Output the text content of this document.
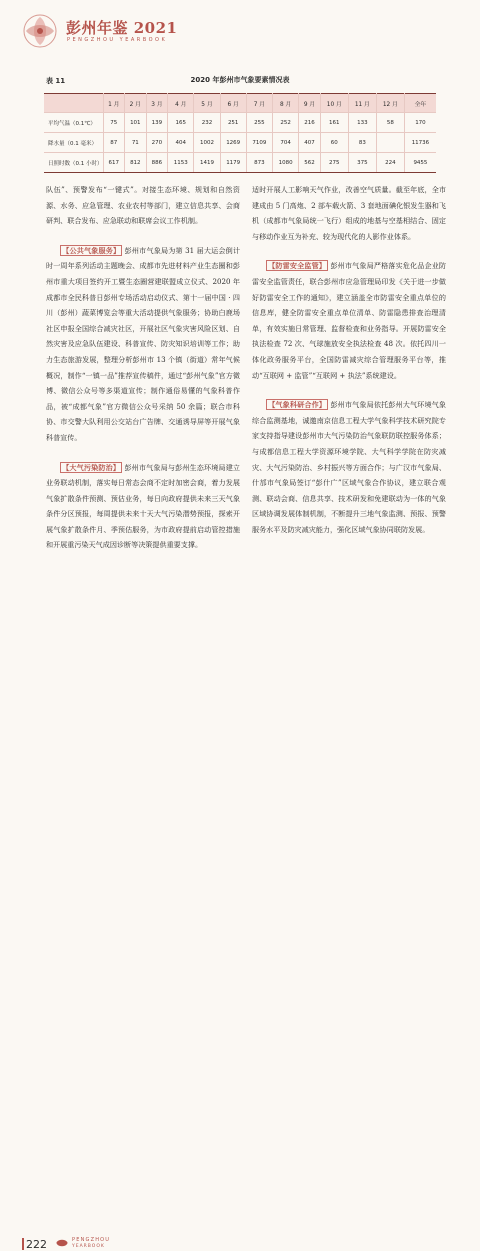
彭州年鉴 2021
PENGZHOU YEARBOOK
表 11	2020 年彭州市气象要素情况表
	1 月	2 月	3 月	4 月	5 月	6 月	7 月	8 月	9 月	10 月	11 月	12 月	全年
平均气温（0.1℃）	75	101	139	165	232	251	255	252	216	161	133	58	170
降水量（0.1 毫米）	87	71	270	404	1002	1269	7109	704	407	60	83		11736
日照时数（0.1 小时）	617	812	886	1153	1419	1179	873	1080	562	275	375	224	9455

队伍”、预警发布“一键式”。对接生态环境、规划和自然资源、水务、应急管理、农业农村等部门，建立信息共享、会商研判、联合发布、应急联动和联席会议工作机制。

【公共气象服务】 彭州市气象局为第 31 届大运会倒计时一周年系列活动主题晚会、成都市先进材料产业生态圈和彭州市重大项目签约开工暨生态圈营建联盟成立仪式、2020 年成都市全民科普日彭州专场活动启动仪式、第十一届中国 · 四川（彭州）蔬菜博览会等重大活动提供气象服务；协助白鹿场社区申报全国综合减灾社区，开展社区气象灾害风险区划、自然灾害及应急队伍建设、科普宣传、防灾知识培训等工作；助力生态旅游发展，整理分析彭州市 13 个镇（街道）常年气候概况，制作“一镇一品”推荐宣传稿件，通过“彭州气象”官方微博、微信公众号等多渠道宣传；制作通俗易懂的气象科普作品，被“成都气象”官方微信公众号采纳 50 余篇；联合市科协、市交警大队利用公交站台广告牌、交通诱导屏等开展气象科普宣传。

【大气污染防治】 彭州市气象局与彭州生态环境局建立业务联动机制，落实每日常态会商不定时加密会商，着力发展气象扩散条件预测、预估业务，每日向政府提供未来三天气象条件分区预报，每周提供未来十天大气污染潜势预报，探索开展气象扩散条件月、季预估服务，为市政府提前启动管控措施和开展重污染天气成因诊断等决策提供重要支撑。

适时开展人工影响天气作业，改善空气质量。截至年底，全市建成由 5 门高炮、2 部车载火箭、3 套地面碘化银发生器和飞机（成都市气象局统一飞行）组成的地基与空基相结合、固定与移动作业互为补充、较为现代化的人影作业体系。

【防雷安全监管】 彭州市气象局严格落实危化品企业防雷安全监管责任，联合彭州市应急管理局印发《关于进一步做好防雷安全工作的通知》，建立涵盖全市防雷安全重点单位的信息库，健全防雷安全重点单位清单、防雷隐患排查治理清单，有效实施日常管理、监督检查和业务指导。开展防雷安全执法检查 72 次、气球施放安全执法检查 48 次。依托四川一体化政务服务平台，全国防雷减灾综合管理服务平台等，推动“互联网 + 监管”“互联网 + 执法”系统建设。

【气象科研合作】 彭州市气象局依托彭州大气环境气象综合监测基地，诚邀南京信息工程大学气象科学技术研究院专家支持指导建设彭州市大气污染防治气象联防联控服务体系；与成都信息工程大学资源环境学院、大气科学学院在防灾减灾、大气污染防治、乡村振兴等方面合作；与广汉市气象局、什邡市气象局签订“彭什广”区域气象合作协议，建立联合观测、联动会商、信息共享、技术研发和免建联动为一体的气象区域协调发展体制机制，不断提升三地气象监测、预报、预警服务水平及防灾减灾能力，强化区域气象协同联防发展。

222	PENGZHOU
YEARBOOK
